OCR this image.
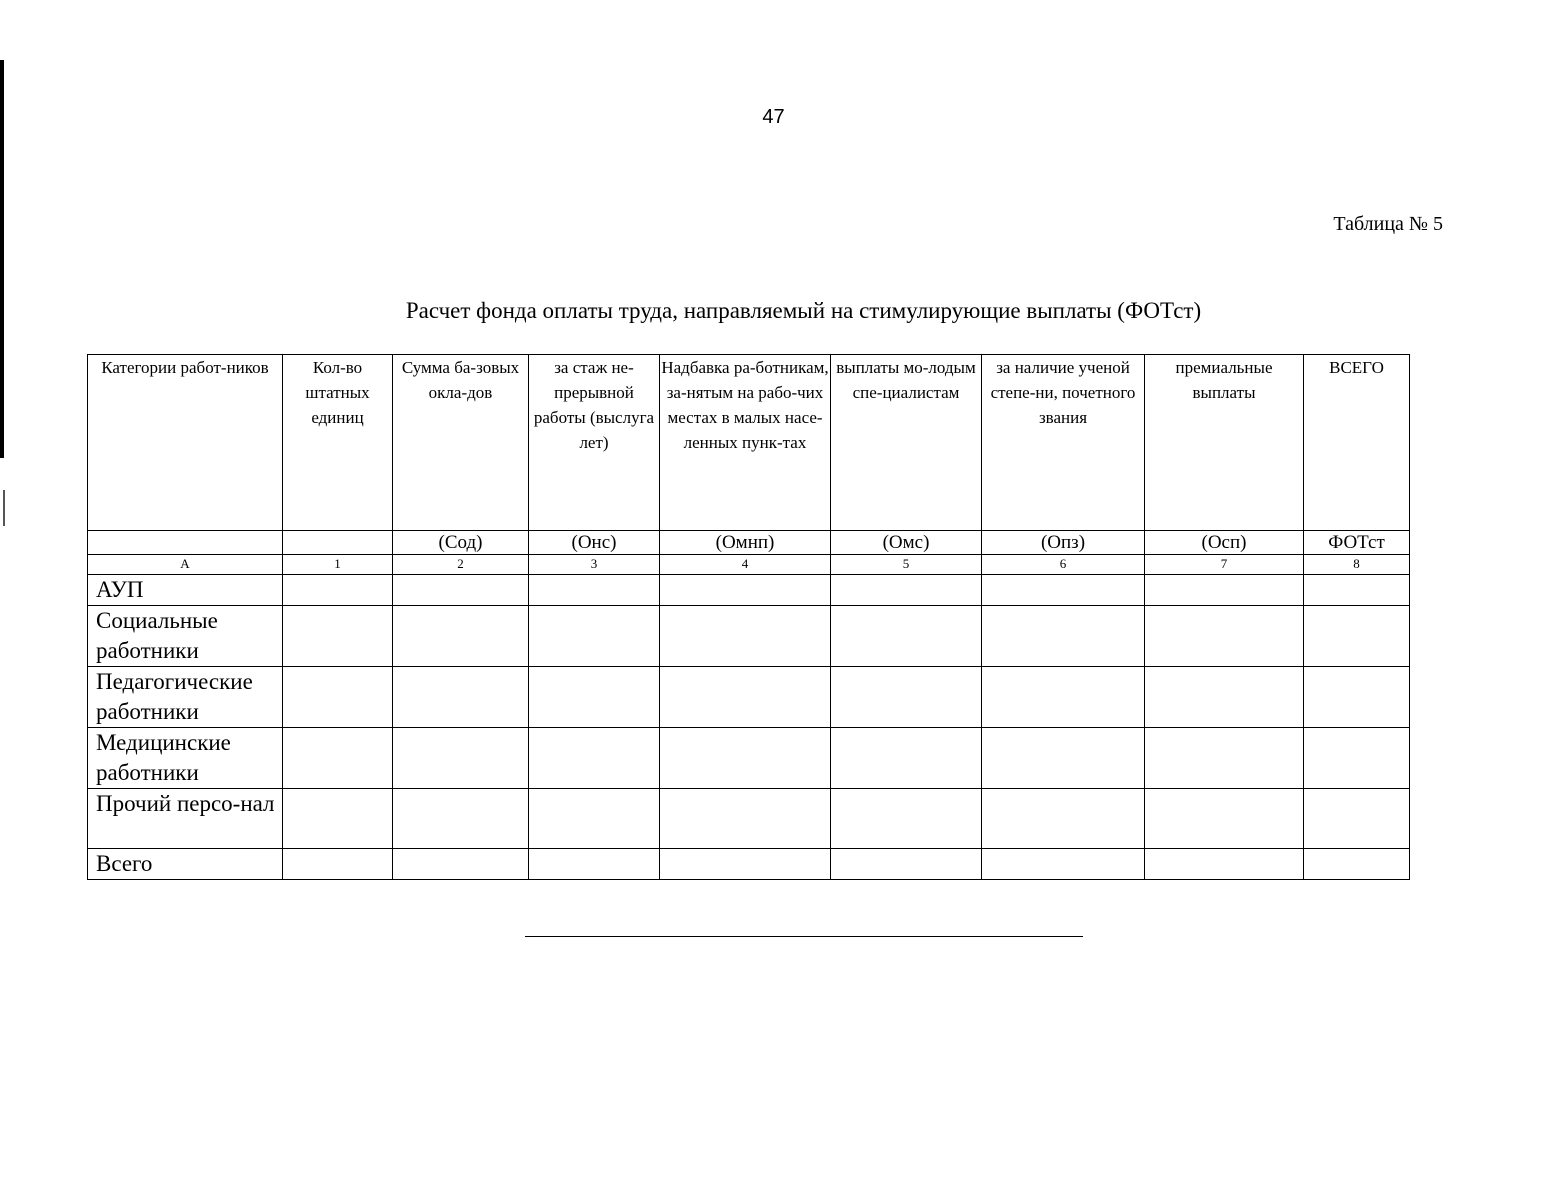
47
Таблица № 5
Расчет фонда оплаты труда, направляемый на стимулирующие выплаты (ФОТст)
Категории работ-ников	Кол-во штатных единиц	Сумма ба-зовых окла-дов	за стаж не-прерывной работы (выслуга лет)	Надбавка ра-ботникам, за-нятым на рабо-чих местах в малых насе-ленных пунк-тах	выплаты мо-лодым спе-циалистам	за наличие ученой степе-ни, почетного звания	премиальные выплаты	ВСЕГО
		(Сод)	(Онс)	(Омнп)	(Омс)	(Опз)	(Осп)	ФОТст
А	1	2	3	4	5	6	7	8
АУП								
Социальные работники								
Педагогические работники								
Медицинские работники								
Прочий персо-нал								
Всего								
